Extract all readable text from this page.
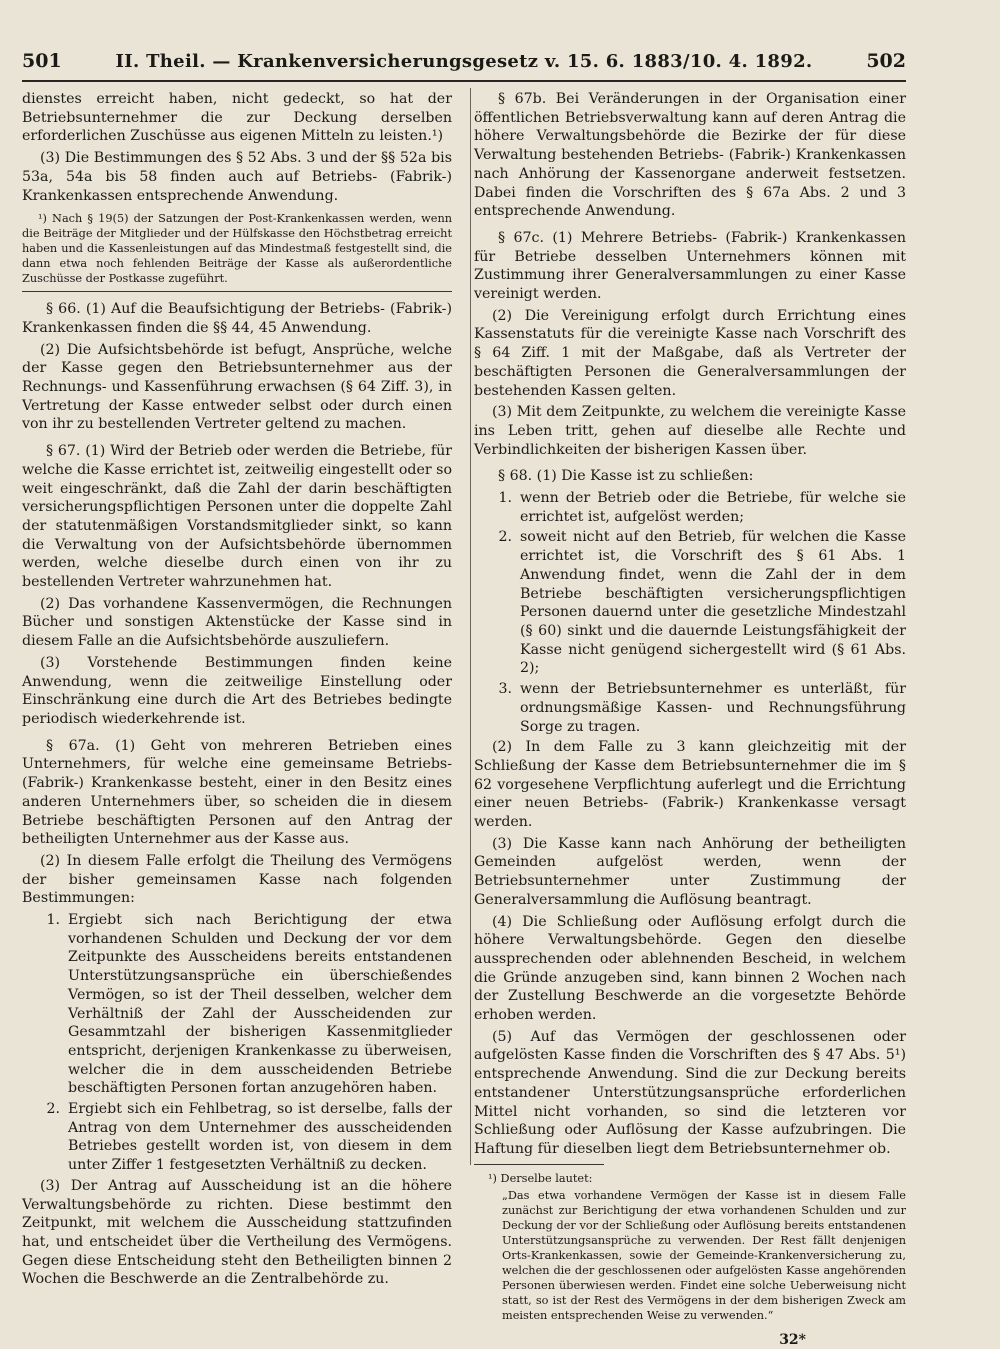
501	II. Theil. — Krankenversicherungsgesetz v. 15. 6. 1883/10. 4. 1892.	502

dienstes erreicht haben, nicht gedeckt, so hat der Betriebsunternehmer die zur Deckung derselben erforderlichen Zuschüsse aus eigenen Mitteln zu leisten.¹)

(3) Die Bestimmungen des § 52 Abs. 3 und der §§ 52a bis 53a, 54a bis 58 finden auch auf Betriebs- (Fabrik-) Krankenkassen entsprechende Anwendung.

¹) Nach § 19(5) der Satzungen der Post-Krankenkassen werden, wenn die Beiträge der Mitglieder und der Hülfskasse den Höchstbetrag erreicht haben und die Kassenleistungen auf das Mindestmaß festgestellt sind, die dann etwa noch fehlenden Beiträge der Kasse als außerordentliche Zuschüsse der Postkasse zugeführt.

§ 66. (1) Auf die Beaufsichtigung der Betriebs- (Fabrik-) Krankenkassen finden die §§ 44, 45 Anwendung.

(2) Die Aufsichtsbehörde ist befugt, Ansprüche, welche der Kasse gegen den Betriebsunternehmer aus der Rechnungs- und Kassenführung erwachsen (§ 64 Ziff. 3), in Vertretung der Kasse entweder selbst oder durch einen von ihr zu bestellenden Vertreter geltend zu machen.

§ 67. (1) Wird der Betrieb oder werden die Betriebe, für welche die Kasse errichtet ist, zeitweilig eingestellt oder so weit eingeschränkt, daß die Zahl der darin beschäftigten versicherungspflichtigen Personen unter die doppelte Zahl der statutenmäßigen Vorstandsmitglieder sinkt, so kann die Verwaltung von der Aufsichtsbehörde übernommen werden, welche dieselbe durch einen von ihr zu bestellenden Vertreter wahrzunehmen hat.

(2) Das vorhandene Kassenvermögen, die Rechnungen Bücher und sonstigen Aktenstücke der Kasse sind in diesem Falle an die Aufsichtsbehörde auszuliefern.

(3) Vorstehende Bestimmungen finden keine Anwendung, wenn die zeitweilige Einstellung oder Einschränkung eine durch die Art des Betriebes bedingte periodisch wiederkehrende ist.

§ 67a. (1) Geht von mehreren Betrieben eines Unternehmers, für welche eine gemeinsame Betriebs- (Fabrik-) Krankenkasse besteht, einer in den Besitz eines anderen Unternehmers über, so scheiden die in diesem Betriebe beschäftigten Personen auf den Antrag der betheiligten Unternehmer aus der Kasse aus.

(2) In diesem Falle erfolgt die Theilung des Vermögens der bisher gemeinsamen Kasse nach folgenden Bestimmungen:

1. Ergiebt sich nach Berichtigung der etwa vorhandenen Schulden und Deckung der vor dem Zeitpunkte des Ausscheidens bereits entstandenen Unterstützungsansprüche ein überschießendes Vermögen, so ist der Theil desselben, welcher dem Verhältniß der Zahl der Ausscheidenden zur Gesammtzahl der bisherigen Kassenmitglieder entspricht, derjenigen Krankenkasse zu überweisen, welcher die in dem ausscheidenden Betriebe beschäftigten Personen fortan anzugehören haben.
2. Ergiebt sich ein Fehlbetrag, so ist derselbe, falls der Antrag von dem Unternehmer des ausscheidenden Betriebes gestellt worden ist, von diesem in dem unter Ziffer 1 festgesetzten Verhältniß zu decken.

(3) Der Antrag auf Ausscheidung ist an die höhere Verwaltungsbehörde zu richten. Diese bestimmt den Zeitpunkt, mit welchem die Ausscheidung stattzufinden hat, und entscheidet über die Vertheilung des Vermögens. Gegen diese Entscheidung steht den Betheiligten binnen 2 Wochen die Beschwerde an die Zentralbehörde zu.

§ 67b. Bei Veränderungen in der Organisation einer öffentlichen Betriebsverwaltung kann auf deren Antrag die höhere Verwaltungsbehörde die Bezirke der für diese Verwaltung bestehenden Betriebs- (Fabrik-) Krankenkassen nach Anhörung der Kassenorgane anderweit festsetzen. Dabei finden die Vorschriften des § 67a Abs. 2 und 3 entsprechende Anwendung.

§ 67c. (1) Mehrere Betriebs- (Fabrik-) Krankenkassen für Betriebe desselben Unternehmers können mit Zustimmung ihrer Generalversammlungen zu einer Kasse vereinigt werden.

(2) Die Vereinigung erfolgt durch Errichtung eines Kassenstatuts für die vereinigte Kasse nach Vorschrift des § 64 Ziff. 1 mit der Maßgabe, daß als Vertreter der beschäftigten Personen die Generalversammlungen der bestehenden Kassen gelten.

(3) Mit dem Zeitpunkte, zu welchem die vereinigte Kasse ins Leben tritt, gehen auf dieselbe alle Rechte und Verbindlichkeiten der bisherigen Kassen über.

§ 68. (1) Die Kasse ist zu schließen:

1. wenn der Betrieb oder die Betriebe, für welche sie errichtet ist, aufgelöst werden;
2. soweit nicht auf den Betrieb, für welchen die Kasse errichtet ist, die Vorschrift des § 61 Abs. 1 Anwendung findet, wenn die Zahl der in dem Betriebe beschäftigten versicherungspflichtigen Personen dauernd unter die gesetzliche Mindestzahl (§ 60) sinkt und die dauernde Leistungsfähigkeit der Kasse nicht genügend sichergestellt wird (§ 61 Abs. 2);
3. wenn der Betriebsunternehmer es unterläßt, für ordnungsmäßige Kassen- und Rechnungsführung Sorge zu tragen.

(2) In dem Falle zu 3 kann gleichzeitig mit der Schließung der Kasse dem Betriebsunternehmer die im § 62 vorgesehene Verpflichtung auferlegt und die Errichtung einer neuen Betriebs- (Fabrik-) Krankenkasse versagt werden.

(3) Die Kasse kann nach Anhörung der betheiligten Gemeinden aufgelöst werden, wenn der Betriebsunternehmer unter Zustimmung der Generalversammlung die Auflösung beantragt.

(4) Die Schließung oder Auflösung erfolgt durch die höhere Verwaltungsbehörde. Gegen den dieselbe aussprechenden oder ablehnenden Bescheid, in welchem die Gründe anzugeben sind, kann binnen 2 Wochen nach der Zustellung Beschwerde an die vorgesetzte Behörde erhoben werden.

(5) Auf das Vermögen der geschlossenen oder aufgelösten Kasse finden die Vorschriften des § 47 Abs. 5¹) entsprechende Anwendung. Sind die zur Deckung bereits entstandener Unterstützungsansprüche erforderlichen Mittel nicht vorhanden, so sind die letzteren vor Schließung oder Auflösung der Kasse aufzubringen. Die Haftung für dieselben liegt dem Betriebsunternehmer ob.

¹) Derselbe lautet:
„Das etwa vorhandene Vermögen der Kasse ist in diesem Falle zunächst zur Berichtigung der etwa vorhandenen Schulden und zur Deckung der vor der Schließung oder Auflösung bereits entstandenen Unterstützungsansprüche zu verwenden. Der Rest fällt denjenigen Orts-Krankenkassen, sowie der Gemeinde-Krankenversicherung zu, welchen die der geschlossenen oder aufgelösten Kasse angehörenden Personen überwiesen werden. Findet eine solche Ueberweisung nicht statt, so ist der Rest des Vermögens in der dem bisherigen Zweck am meisten entsprechenden Weise zu verwenden.“
32*
